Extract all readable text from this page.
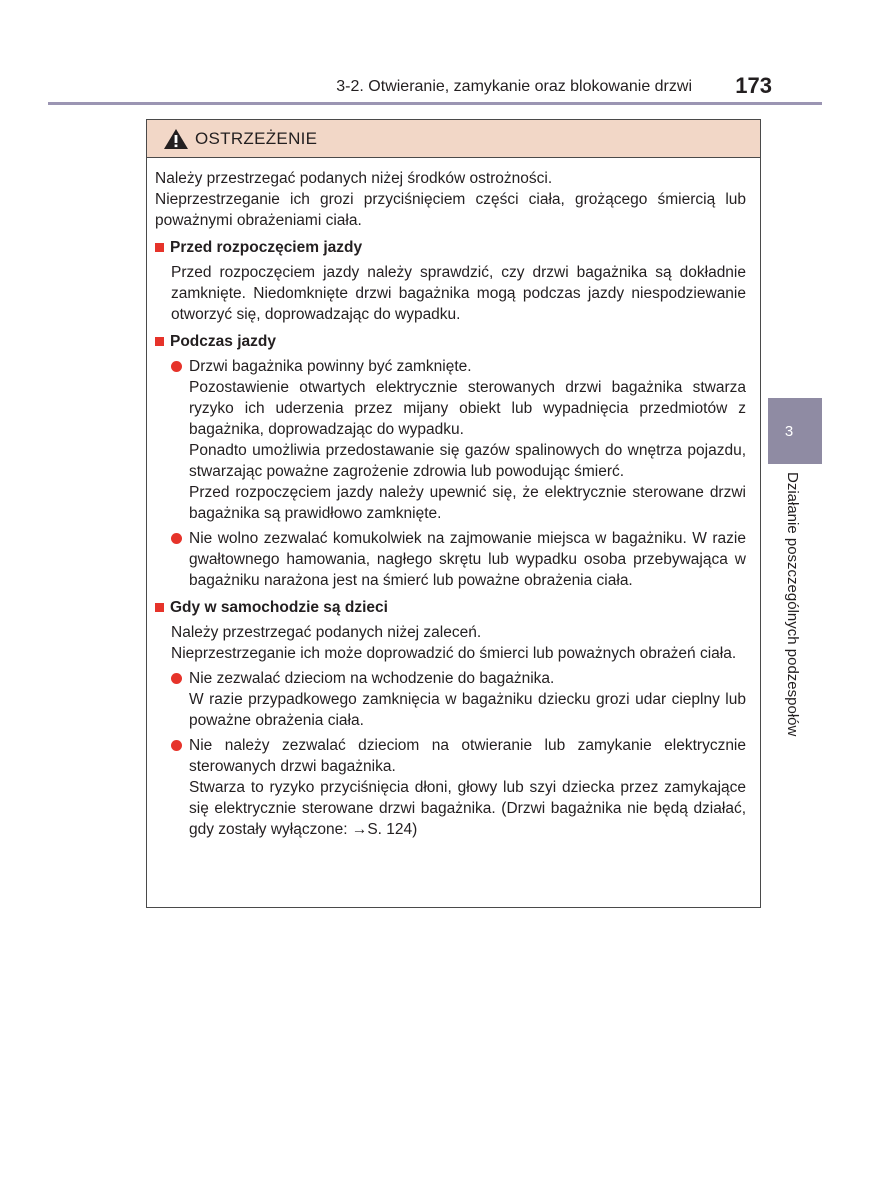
3-2. Otwieranie, zamykanie oraz blokowanie drzwi 173
3
Działanie poszczególnych podzespołów
OSTRZEŻENIE

Należy przestrzegać podanych niżej środków ostrożności.

Nieprzestrzeganie ich grozi przyciśnięciem części ciała, grożącego śmiercią lub poważnymi obrażeniami ciała.

Przed rozpoczęciem jazdy

Przed rozpoczęciem jazdy należy sprawdzić, czy drzwi bagażnika są dokładnie zamknięte. Niedomknięte drzwi bagażnika mogą podczas jazdy niespodziewanie otworzyć się, doprowadzając do wypadku.

Podczas jazdy

Drzwi bagażnika powinny być zamknięte.

Pozostawienie otwartych elektrycznie sterowanych drzwi bagażnika stwarza ryzyko ich uderzenia przez mijany obiekt lub wypadnięcia przedmiotów z bagażnika, doprowadzając do wypadku.

Ponadto umożliwia przedostawanie się gazów spalinowych do wnętrza pojazdu, stwarzając poważne zagrożenie zdrowia lub powodując śmierć.

Przed rozpoczęciem jazdy należy upewnić się, że elektrycznie sterowane drzwi bagażnika są prawidłowo zamknięte.

Nie wolno zezwalać komukolwiek na zajmowanie miejsca w bagażniku. W razie gwałtownego hamowania, nagłego skrętu lub wypadku osoba przebywająca w bagażniku narażona jest na śmierć lub poważne obrażenia ciała.

Gdy w samochodzie są dzieci

Należy przestrzegać podanych niżej zaleceń.

Nieprzestrzeganie ich może doprowadzić do śmierci lub poważnych obrażeń ciała.

Nie zezwalać dzieciom na wchodzenie do bagażnika.

W razie przypadkowego zamknięcia w bagażniku dziecku grozi udar cieplny lub poważne obrażenia ciała.

Nie należy zezwalać dzieciom na otwieranie lub zamykanie elektrycznie sterowanych drzwi bagażnika.

Stwarza to ryzyko przyciśnięcia dłoni, głowy lub szyi dziecka przez zamykające się elektrycznie sterowane drzwi bagażnika. (Drzwi bagażnika nie będą działać, gdy zostały wyłączone: →S. 124)
